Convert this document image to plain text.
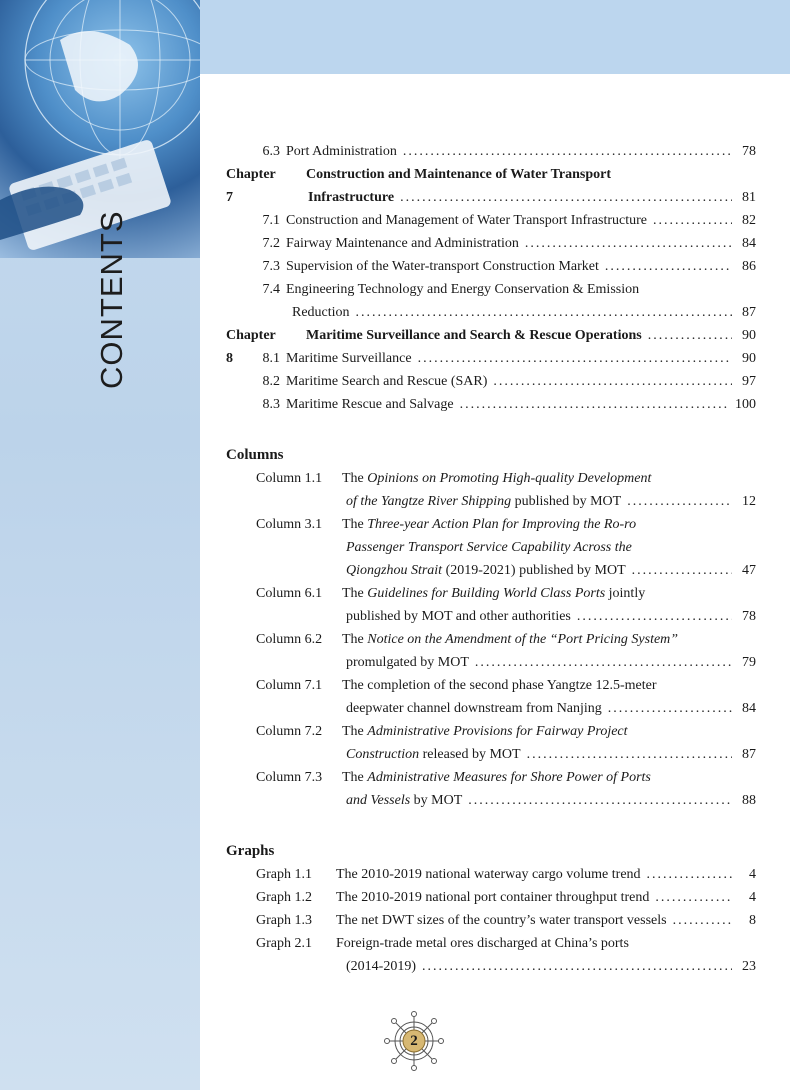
CONTENTS
6.3 Port Administration .....	78
Chapter 7
Construction and Maintenance of Water Transport
Infrastructure .....	81
7.1 Construction and Management of Water Transport Infrastructure .....	82
7.2 Fairway Maintenance and Administration .....	84
7.3 Supervision of the Water-transport Construction Market .....	86
7.4 Engineering Technology and Energy Conservation & Emission
Reduction .....	87
Chapter 8
Maritime Surveillance and Search & Rescue Operations .....	90
8.1 Maritime Surveillance .....	90
8.2 Maritime Search and Rescue (SAR) .....	97
8.3 Maritime Rescue and Salvage .....	100
Columns
Column 1.1	The Opinions on Promoting High-quality Development
of the Yangtze River Shipping published by MOT .....	12
Column 3.1	The Three-year Action Plan for Improving the Ro-ro
Passenger Transport Service Capability Across the
Qiongzhou Strait (2019-2021) published by MOT .....	47
Column 6.1	The Guidelines for Building World Class Ports jointly
published by MOT and other authorities .....	78
Column 6.2	The Notice on the Amendment of the “Port Pricing System”
promulgated by MOT .....	79
Column 7.1	The completion of the second phase Yangtze 12.5-meter
deepwater channel downstream from Nanjing .....	84
Column 7.2	The Administrative Provisions for Fairway Project
Construction released by MOT .....	87
Column 7.3	The Administrative Measures for Shore Power of Ports
and Vessels by MOT .....	88
Graphs
Graph 1.1	The 2010-2019 national waterway cargo volume trend .....	4
Graph 1.2	The 2010-2019 national port container throughput trend .....	4
Graph 1.3	The net DWT sizes of the country’s water transport vessels .....	8
Graph 2.1	Foreign-trade metal ores discharged at China’s ports
(2014-2019) .....	23
2
